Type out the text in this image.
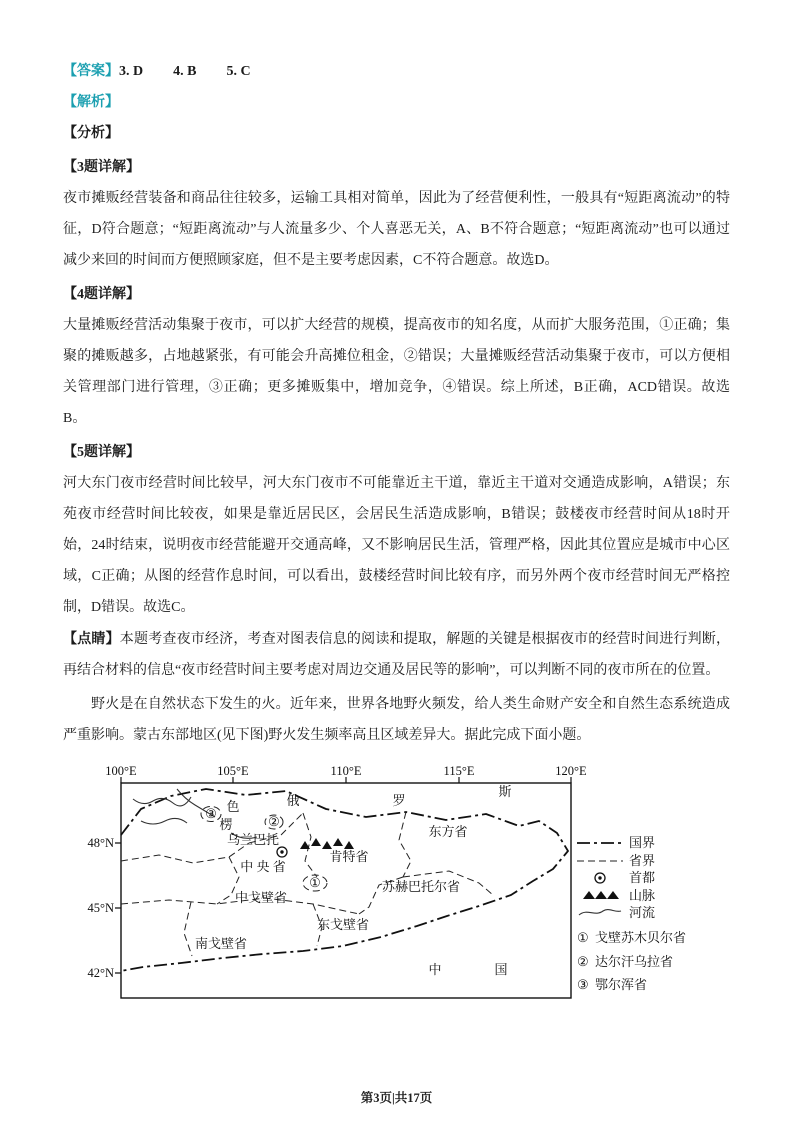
【答案】3. D 4. B 5. C

【解析】

【分析】

【3题详解】

夜市摊贩经营装备和商品往往较多，运输工具相对简单，因此为了经营便利性，一般具有“短距离流动”的特征，D符合题意；“短距离流动”与人流量多少、个人喜恶无关，A、B不符合题意；“短距离流动”也可以通过减少来回的时间而方便照顾家庭，但不是主要考虑因素，C不符合题意。故选D。

【4题详解】

大量摊贩经营活动集聚于夜市，可以扩大经营的规模，提高夜市的知名度，从而扩大服务范围，①正确；集聚的摊贩越多，占地越紧张，有可能会升高摊位租金，②错误；大量摊贩经营活动集聚于夜市，可以方便相关管理部门进行管理，③正确；更多摊贩集中，增加竞争，④错误。综上所述，B正确，ACD错误。故选 B。

【5题详解】

河大东门夜市经营时间比较早，河大东门夜市不可能靠近主干道，靠近主干道对交通造成影响，A错误；东苑夜市经营时间比较夜，如果是靠近居民区，会居民生活造成影响，B错误；鼓楼夜市经营时间从18时开始，24时结束，说明夜市经营能避开交通高峰，又不影响居民生活，管理严格，因此其位置应是城市中心区域，C正确；从图的经营作息时间，可以看出，鼓楼经营时间比较有序，而另外两个夜市经营时间无严格控制，D错误。故选C。

【点睛】本题考查夜市经济，考查对图表信息的阅读和提取，解题的关键是根据夜市的经营时间进行判断，再结合材料的信息“夜市经营时间主要考虑对周边交通及居民等的影响”，可以判断不同的夜市所在的位置。

野火是在自然状态下发生的火。近年来，世界各地野火频发，给人类生命财产安全和自然生态系统造成严重影响。蒙古东部地区(见下图)野火发生频率高且区域差异大。据此完成下面小题。

100°E	105°E	110°E	115°E	120°E
48°N
45°N
42°N
俄	罗
斯
③ 色
楞	②
乌兰巴托
中 央 省
肯特省
东方省
苏赫巴托尔省
①
中戈壁省
东戈壁省
南戈壁省
中	国
国界
省界
首都
山脉
河流
① 戈壁苏木贝尔省
② 达尔汗乌拉省
③ 鄂尔浑省
第3页|共17页
